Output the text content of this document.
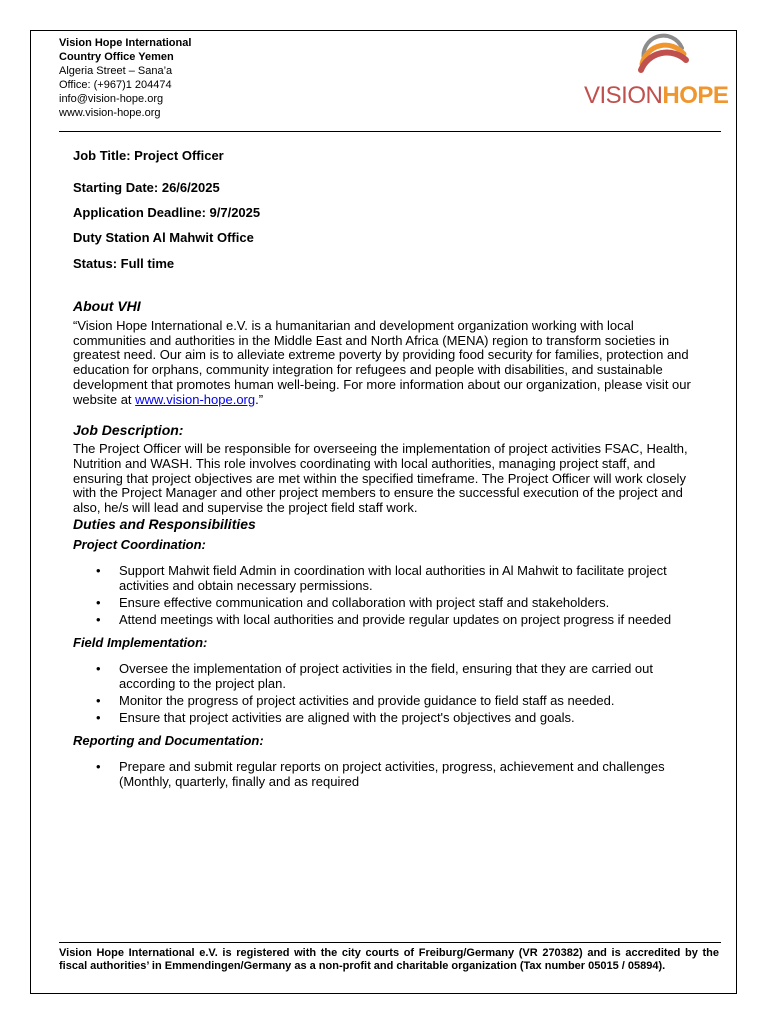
Vision Hope International
Country Office Yemen
Algeria Street – Sana’a
Office: (+967)1 204474
info@vision-hope.org
www.vision-hope.org
VISIONHOPE

Job Title: Project Officer

Starting Date: 26/6/2025

Application Deadline: 9/7/2025

Duty Station Al Mahwit Office

Status: Full time

About VHI

“Vision Hope International e.V. is a humanitarian and development organization working with local communities and authorities in the Middle East and North Africa (MENA) region to transform societies in greatest need. Our aim is to alleviate extreme poverty by providing food security for families, protection and education for orphans, community integration for refugees and people with disabilities, and sustainable development that promotes human well-being. For more information about our organization, please visit our website at www.vision-hope.org.”

Job Description:

The Project Officer will be responsible for overseeing the implementation of project activities FSAC, Health, Nutrition and WASH. This role involves coordinating with local authorities, managing project staff, and ensuring that project objectives are met within the specified timeframe. The Project Officer will work closely with the Project Manager and other project members to ensure the successful execution of the project and also, he/s will lead and supervise the project field staff work.

Duties and Responsibilities
Project Coordination:
• Support Mahwit field Admin in coordination with local authorities in Al Mahwit to facilitate project activities and obtain necessary permissions.
• Ensure effective communication and collaboration with project staff and stakeholders.
• Attend meetings with local authorities and provide regular updates on project progress if needed
Field Implementation:
• Oversee the implementation of project activities in the field, ensuring that they are carried out according to the project plan.
• Monitor the progress of project activities and provide guidance to field staff as needed.
• Ensure that project activities are aligned with the project's objectives and goals.
Reporting and Documentation:
• Prepare and submit regular reports on project activities, progress, achievement and challenges (Monthly, quarterly, finally and as required
Vision Hope International e.V. is registered with the city courts of Freiburg/Germany (VR 270382) and is accredited by the fiscal authorities’ in Emmendingen/Germany as a non-profit and charitable organization (Tax number 05015 / 05894).
